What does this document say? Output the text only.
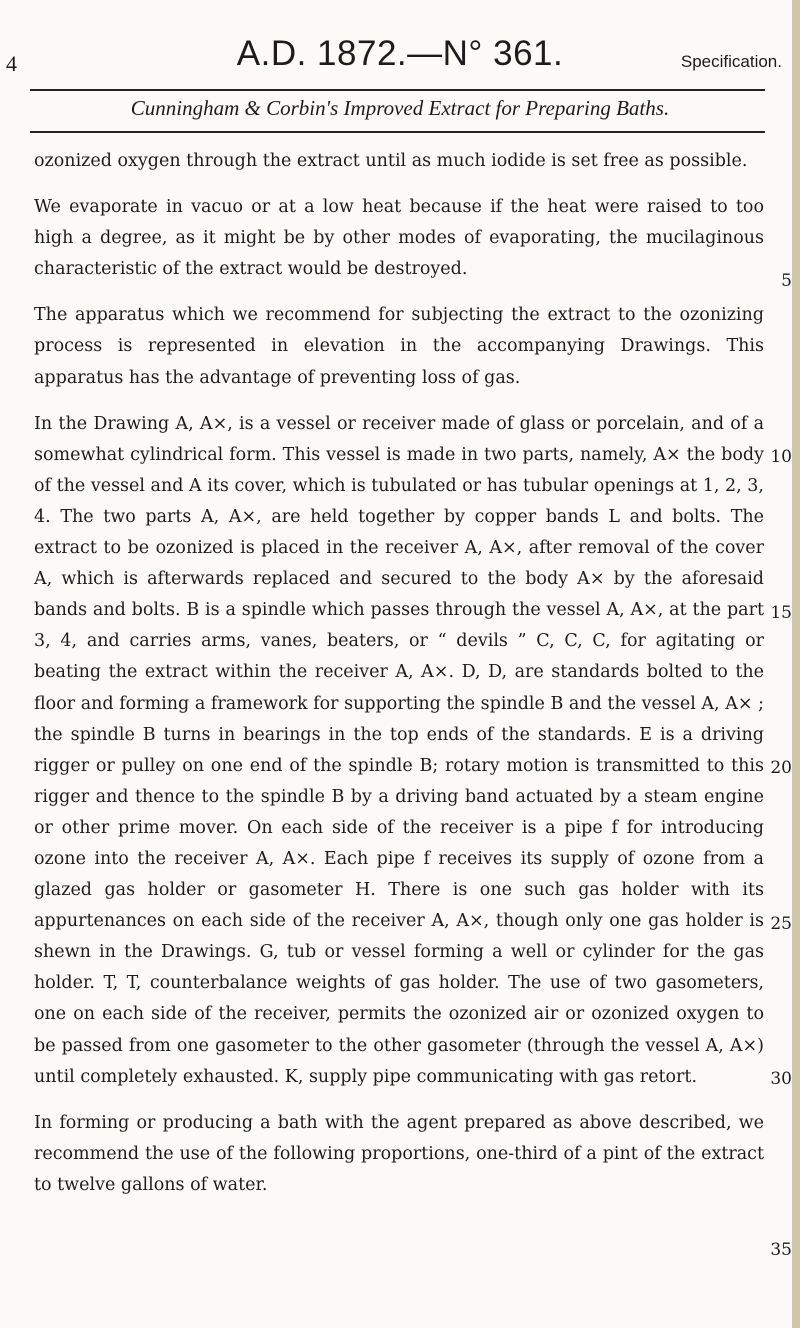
4	A.D. 1872.—N° 361.	Specification.
Cunningham & Corbin's Improved Extract for Preparing Baths.

ozonized oxygen through the extract until as much iodide is set free as possible.

We evaporate in vacuo or at a low heat because if the heat were raised to too high a degree, as it might be by other modes of evaporating, the mucilaginous characteristic of the extract would be destroyed.

The apparatus which we recommend for subjecting the extract to the ozonizing process is represented in elevation in the accompanying Drawings. This apparatus has the advantage of preventing loss of gas.

In the Drawing A, A×, is a vessel or receiver made of glass or porcelain, and of a somewhat cylindrical form. This vessel is made in two parts, namely, A× the body of the vessel and A its cover, which is tubulated or has tubular openings at 1, 2, 3, 4. The two parts A, A×, are held together by copper bands L and bolts. The extract to be ozonized is placed in the receiver A, A×, after removal of the cover A, which is afterwards replaced and secured to the body A× by the aforesaid bands and bolts. B is a spindle which passes through the vessel A, A×, at the part 3, 4, and carries arms, vanes, beaters, or “ devils ” C, C, C, for agitating or beating the extract within the receiver A, A×. D, D, are standards bolted to the floor and forming a framework for supporting the spindle B and the vessel A, A× ; the spindle B turns in bearings in the top ends of the standards. E is a driving rigger or pulley on one end of the spindle B; rotary motion is transmitted to this rigger and thence to the spindle B by a driving band actuated by a steam engine or other prime mover. On each side of the receiver is a pipe f for introducing ozone into the receiver A, A×. Each pipe f receives its supply of ozone from a glazed gas holder or gasometer H. There is one such gas holder with its appurtenances on each side of the receiver A, A×, though only one gas holder is shewn in the Drawings. G, tub or vessel forming a well or cylinder for the gas holder. T, T, counterbalance weights of gas holder. The use of two gasometers, one on each side of the receiver, permits the ozonized air or ozonized oxygen to be passed from one gasometer to the other gasometer (through the vessel A, A×) until completely exhausted. K, supply pipe communicating with gas retort.

In forming or producing a bath with the agent prepared as above described, we recommend the use of the following proportions, one-third of a pint of the extract to twelve gallons of water.

5
10
15
20
25
30
35
